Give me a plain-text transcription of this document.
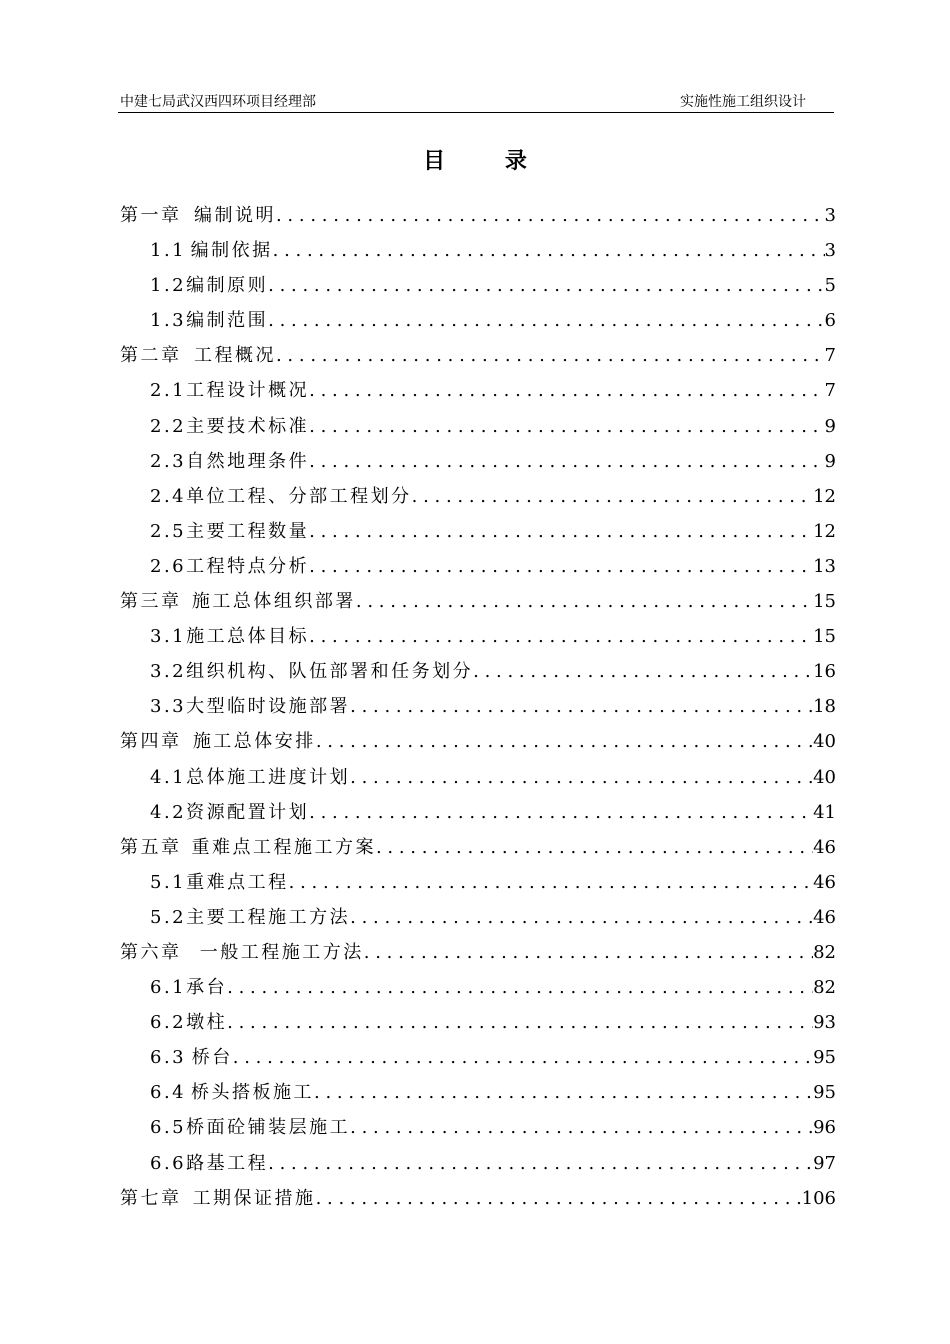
中建七局武汉西四环项目经理部	实施性施工组织设计
目 录
第一章 编制说明 . . .	3
1.1 编制依据 . . .	3
1.2 编制原则 . . .	5
1.3 编制范围 . . .	6
第二章 工程概况 . . .	7
2.1 工程设计概况 . . .	7
2.2 主要技术标准 . . .	9
2.3 自然地理条件 . . .	9
2.4 单位工程、分部工程划分 . . .	12
2.5 主要工程数量 . . .	12
2.6 工程特点分析 . . .	13
第三章 施工总体组织部署 . . .	15
3.1 施工总体目标 . . .	15
3.2 组织机构、队伍部署和任务划分 . . .	16
3.3 大型临时设施部署 . . .	18
第四章 施工总体安排 . . .	40
4.1 总体施工进度计划 . . .	40
4.2 资源配置计划 . . .	41
第五章 重难点工程施工方案 . . .	46
5.1 重难点工程 . . .	46
5.2 主要工程施工方法 . . .	46
第六章 一般工程施工方法 . . .	82
6.1 承台 . . .	82
6.2 墩柱 . . .	93
6.3 桥台 . . .	95
6.4 桥头搭板施工 . . .	95
6.5 桥面砼铺装层施工 . . .	96
6.6 路基工程 . . .	97
第七章 工期保证措施 . . .	106
